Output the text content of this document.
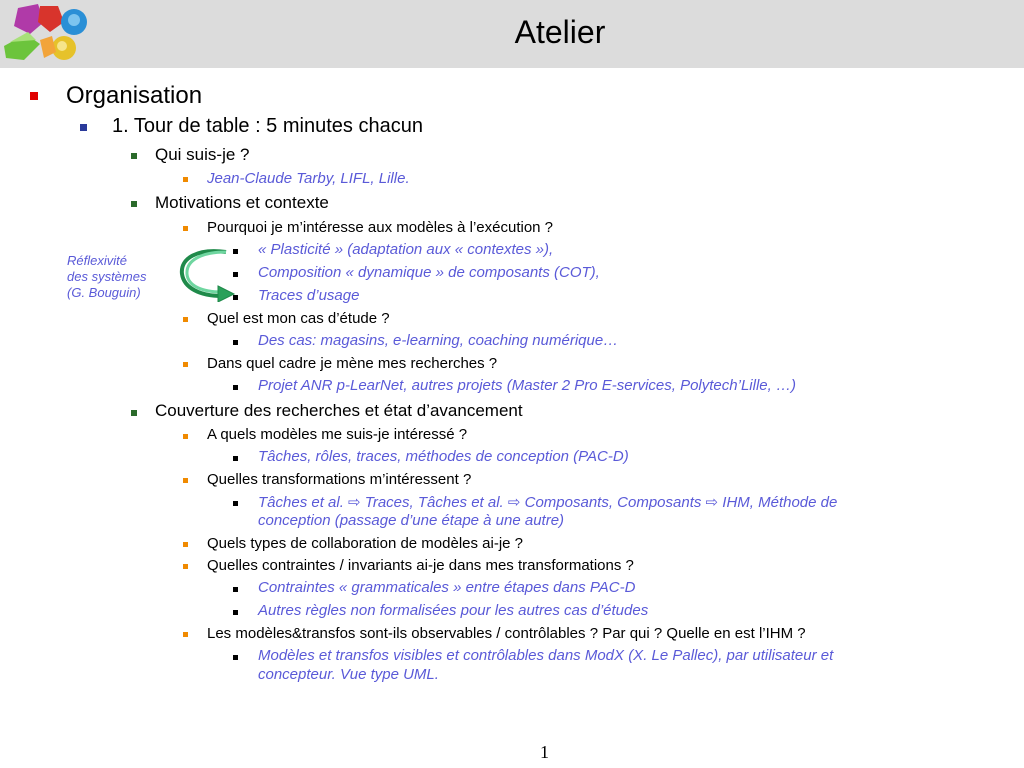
Atelier
Réflexivité
des systèmes
(G. Bouguin)
Organisation
1. Tour de table : 5 minutes chacun
Qui suis-je ?
Jean-Claude Tarby, LIFL, Lille.
Motivations et contexte
Pourquoi je m’intéresse aux modèles à l’exécution ?
« Plasticité » (adaptation aux « contextes »),
Composition « dynamique » de composants (COT),
Traces d’usage
Quel est mon cas d’étude ?
Des cas: magasins, e-learning, coaching numérique…
Dans quel cadre je mène mes recherches ?
Projet ANR p-LearNet, autres projets (Master 2 Pro E-services, Polytech’Lille, …)
Couverture des recherches et état d’avancement
A quels modèles me suis-je intéressé ?
Tâches, rôles, traces, méthodes de conception (PAC-D)
Quelles transformations m’intéressent ?
Tâches et al. ⇨ Traces, Tâches et al. ⇨ Composants, Composants ⇨ IHM, Méthode de
conception (passage d’une étape à une autre)
Quels types de collaboration de modèles ai-je ?
Quelles contraintes / invariants ai-je dans mes transformations ?
Contraintes « grammaticales » entre étapes dans PAC-D
Autres règles non formalisées pour les autres cas d’études
Les modèles&transfos sont-ils observables / contrôlables ? Par qui ? Quelle en est l’IHM ?
Modèles et transfos visibles et contrôlables dans ModX (X. Le Pallec), par utilisateur et
concepteur. Vue type UML.
1
